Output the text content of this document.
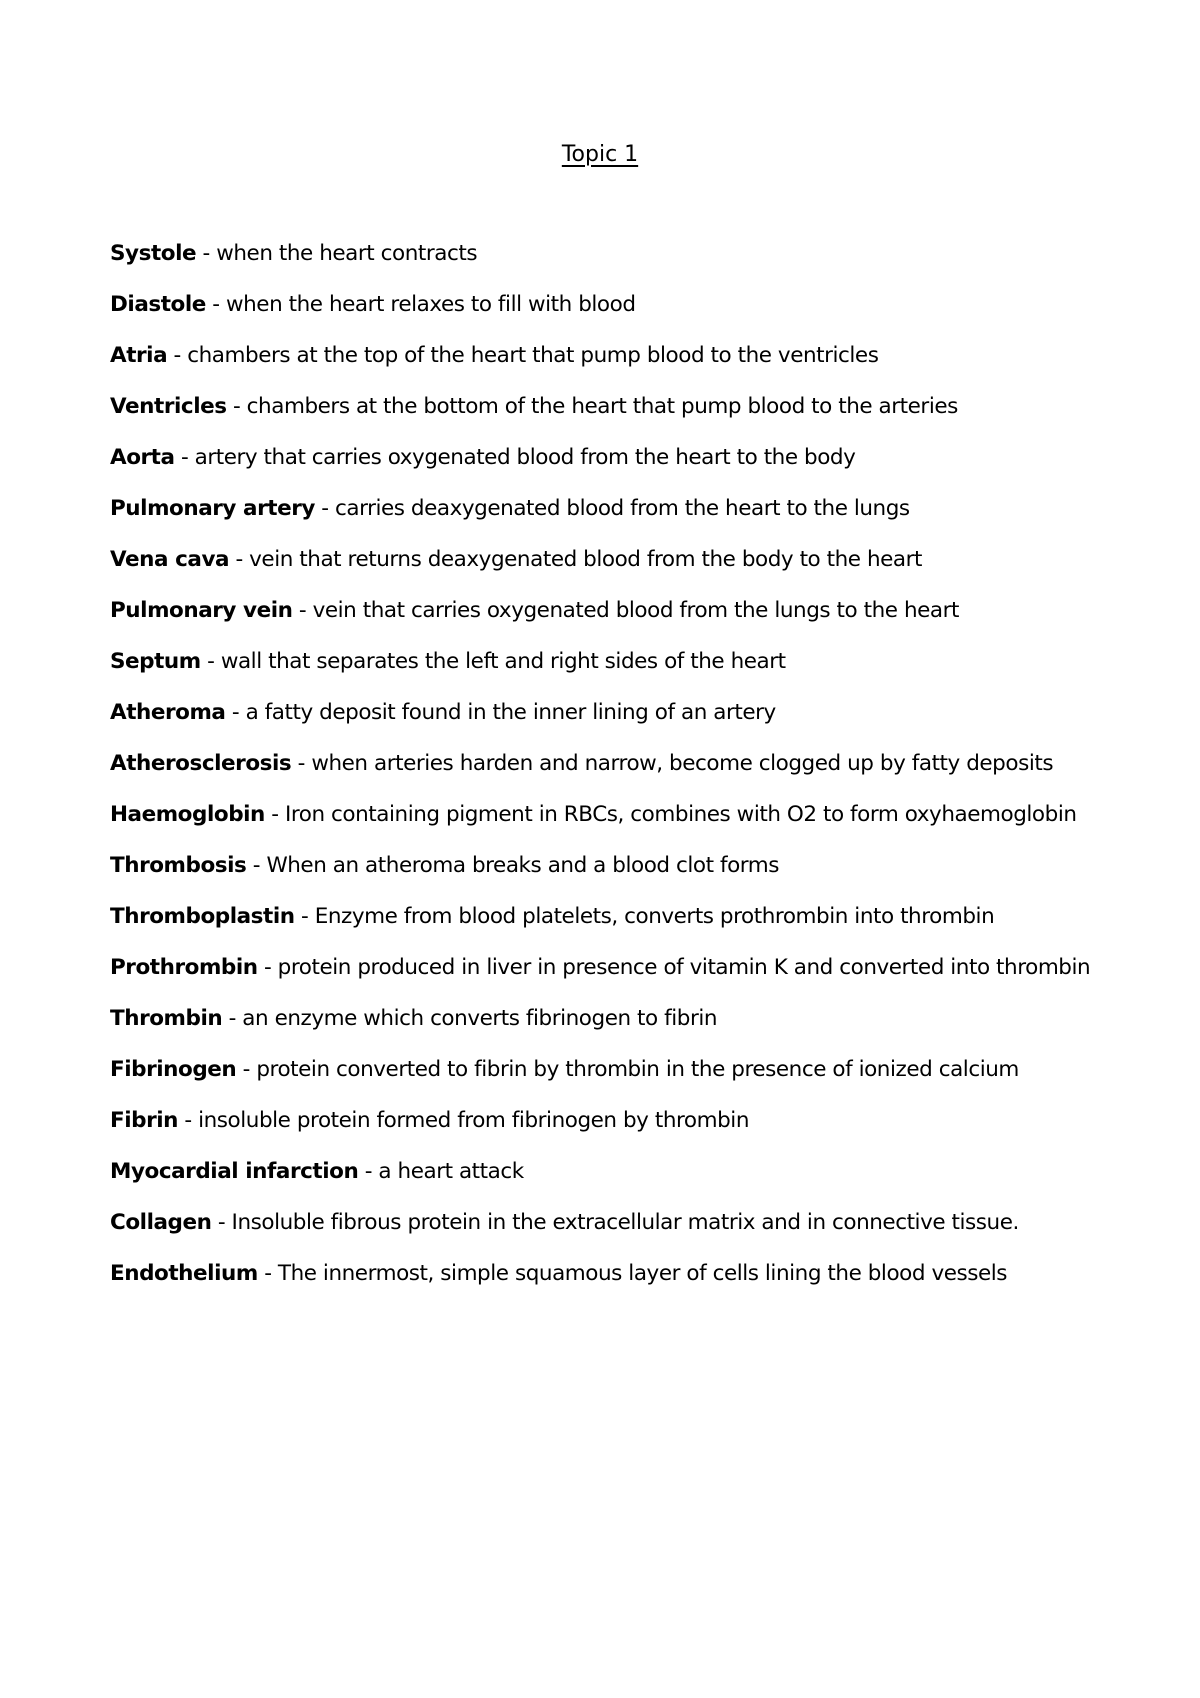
Topic 1
Systole - when the heart contracts
Diastole - when the heart relaxes to fill with blood
Atria - chambers at the top of the heart that pump blood to the ventricles
Ventricles - chambers at the bottom of the heart that pump blood to the arteries
Aorta - artery that carries oxygenated blood from the heart to the body
Pulmonary artery - carries deaxygenated blood from the heart to the lungs
Vena cava - vein that returns deaxygenated blood from the body to the heart
Pulmonary vein - vein that carries oxygenated blood from the lungs to the heart
Septum - wall that separates the left and right sides of the heart
Atheroma - a fatty deposit found in the inner lining of an artery
Atherosclerosis - when arteries harden and narrow, become clogged up by fatty deposits
Haemoglobin - Iron containing pigment in RBCs, combines with O2 to form oxyhaemoglobin
Thrombosis - When an atheroma breaks and a blood clot forms
Thromboplastin - Enzyme from blood platelets, converts prothrombin into thrombin
Prothrombin - protein produced in liver in presence of vitamin K and converted into thrombin
Thrombin - an enzyme which converts fibrinogen to fibrin
Fibrinogen - protein converted to fibrin by thrombin in the presence of ionized calcium
Fibrin - insoluble protein formed from fibrinogen by thrombin
Myocardial infarction - a heart attack
Collagen - Insoluble fibrous protein in the extracellular matrix and in connective tissue.
Endothelium - The innermost, simple squamous layer of cells lining the blood vessels
